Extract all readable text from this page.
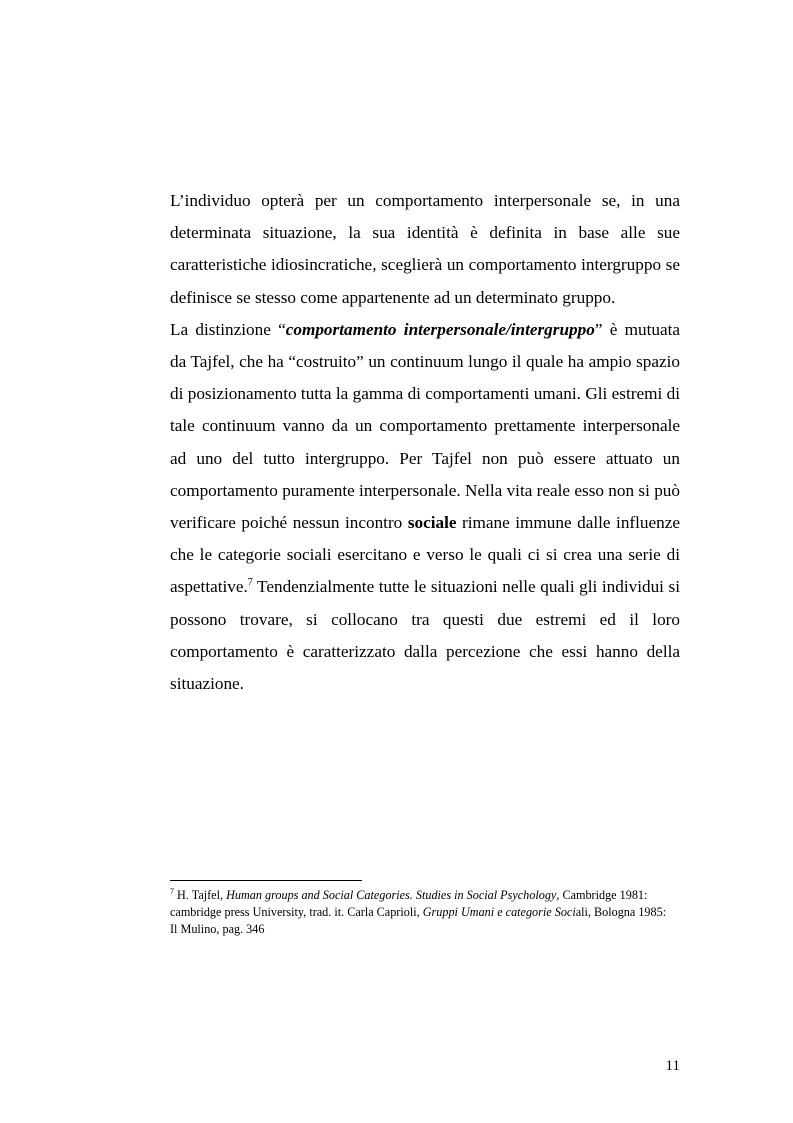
L’individuo opterà per un comportamento interpersonale se, in una determinata situazione, la sua identità è definita in base alle sue caratteristiche idiosincratiche, sceglierà un comportamento intergruppo se definisce se stesso come appartenente ad un determinato gruppo.

La distinzione “comportamento interpersonale/intergruppo” è mutuata da Tajfel, che ha “costruito” un continuum lungo il quale ha ampio spazio di posizionamento tutta la gamma di comportamenti umani. Gli estremi di tale continuum vanno da un comportamento prettamente interpersonale ad uno del tutto intergruppo. Per Tajfel non può essere attuato un comportamento puramente interpersonale. Nella vita reale esso non si può verificare poiché nessun incontro sociale rimane immune dalle influenze che le categorie sociali esercitano e verso le quali ci si crea una serie di aspettative.$^7$ Tendenzialmente tutte le situazioni nelle quali gli individui si possono trovare, si collocano tra questi due estremi ed il loro comportamento è caratterizzato dalla percezione che essi hanno della situazione.

$^7$ H. Tajfel, Human groups and Social Categories. Studies in Social Psychology, Cambridge 1981: cambridge press University, trad. it. Carla Caprioli, Gruppi Umani e categorie Sociali, Bologna 1985: Il Mulino, pag. 346

11
